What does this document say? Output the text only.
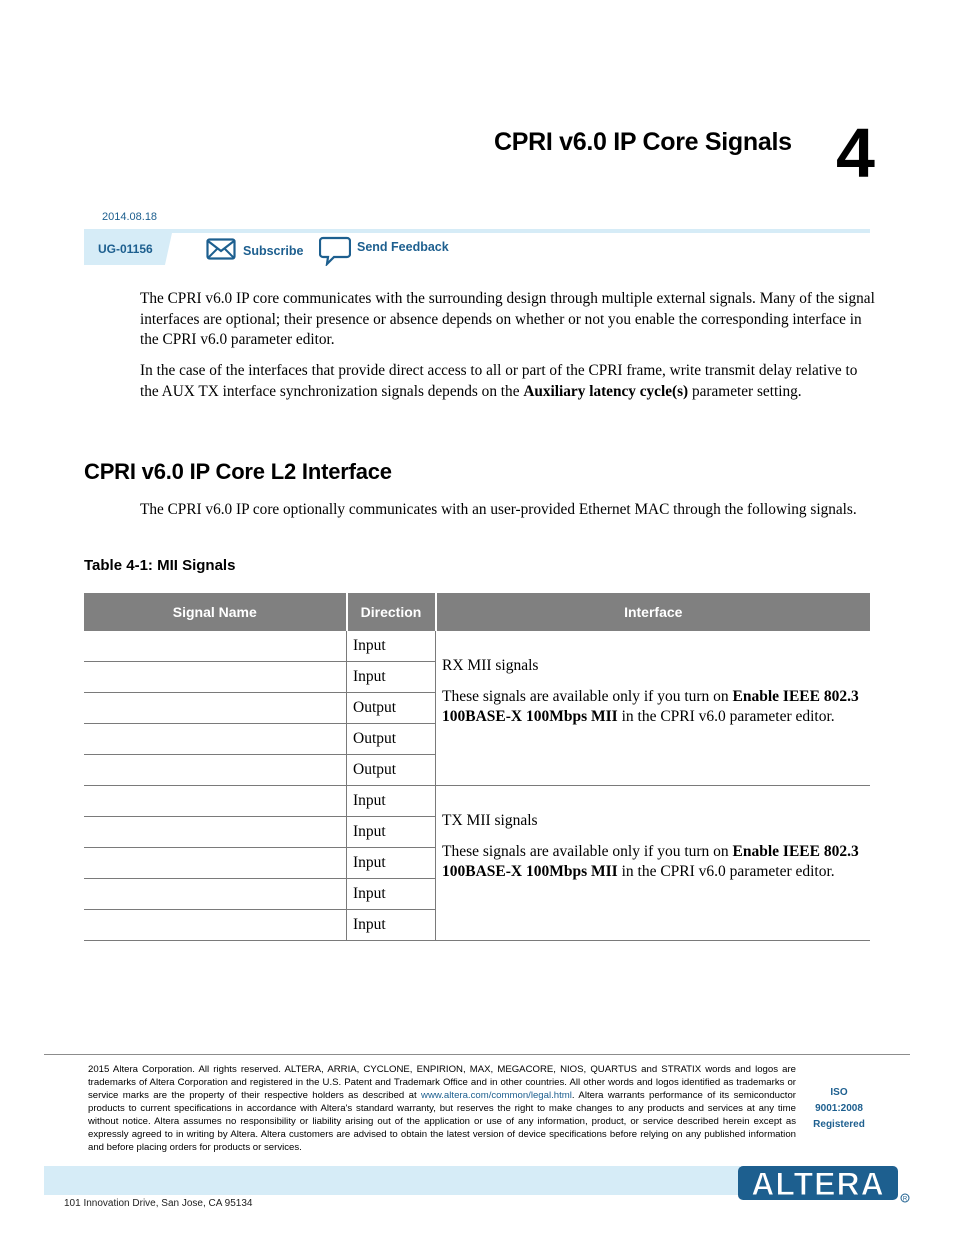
CPRI v6.0 IP Core Signals 4
2014.08.18
UG-01156	Subscribe	Send Feedback

The CPRI v6.0 IP core communicates with the surrounding design through multiple external signals. Many of the signal interfaces are optional; their presence or absence depends on whether or not you enable the corresponding interface in the CPRI v6.0 parameter editor.

In the case of the interfaces that provide direct access to all or part of the CPRI frame, write transmit delay relative to the AUX TX interface synchronization signals depends on the Auxiliary latency cycle(s) parameter setting.

CPRI v6.0 IP Core L2 Interface

The CPRI v6.0 IP core optionally communicates with an user-provided Ethernet MAC through the following signals.

Table 4-1: MII Signals
Signal Name	Direction	Interface
	Input	RX MII signals

These signals are available only if you turn on Enable IEEE 802.3 100BASE-X 100Mbps MII in the CPRI v6.0 parameter editor.

	Input	
	Output	
	Output	
	Output	
	Input	TX MII signals

These signals are available only if you turn on Enable IEEE 802.3 100BASE-X 100Mbps MII in the CPRI v6.0 parameter editor.

	Input	
	Input	
	Input	
	Input	
2015 Altera Corporation. All rights reserved. ALTERA, ARRIA, CYCLONE, ENPIRION, MAX, MEGACORE, NIOS, QUARTUS and STRATIX words and logos are trademarks of Altera Corporation and registered in the U.S. Patent and Trademark Office and in other countries. All other words and logos identified as trademarks or service marks are the property of their respective holders as described at www.altera.com/common/legal.html. Altera warrants performance of its semiconductor products to current specifications in accordance with Altera's standard warranty, but reserves the right to make changes to any products and services at any time without notice. Altera assumes no responsibility or liability arising out of the application or use of any information, product, or service described herein except as expressly agreed to in writing by Altera. Altera customers are advised to obtain the latest version of device specifications before relying on any published information and before placing orders for products or services.
ISO
9001:2008
Registered
ALTERA	R
101 Innovation Drive, San Jose, CA 95134
